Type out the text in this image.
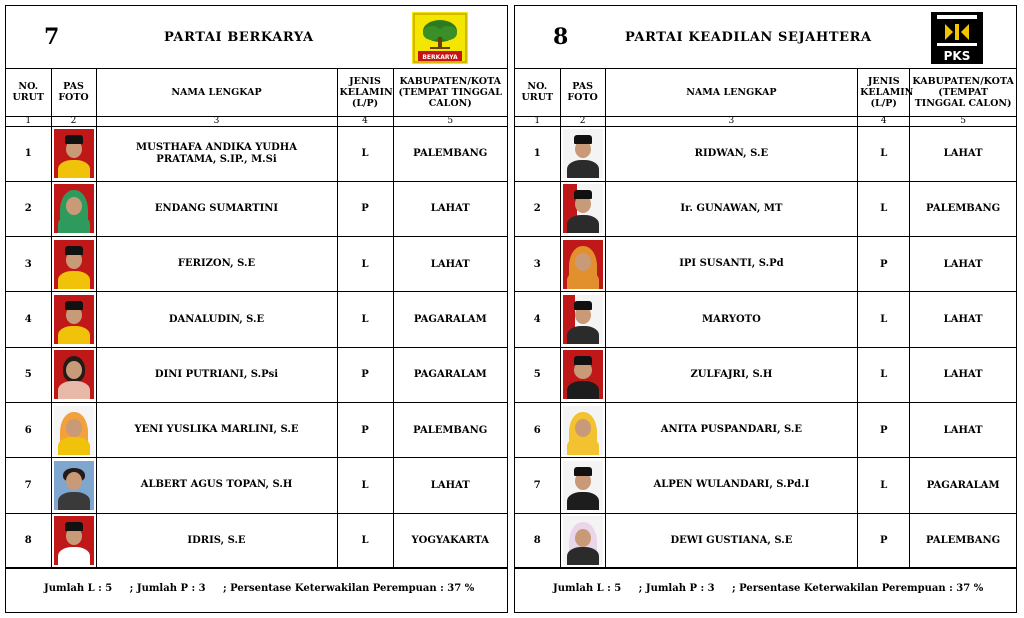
7	PARTAI BERKARYA
BERKARYA
NO. URUT	PAS FOTO	NAMA LENGKAP	JENIS KELAMIN (L/P)	KABUPATEN/KOTA (TEMPAT TINGGAL CALON)
1	2	3	4	5
1		MUSTHAFA ANDIKA YUDHA PRATAMA, S.IP., M.Si	L	PALEMBANG
2		ENDANG SUMARTINI	P	LAHAT
3		FERIZON, S.E	L	LAHAT
4		DANALUDIN, S.E	L	PAGARALAM
5		DINI PUTRIANI, S.Psi	P	PAGARALAM
6		YENI YUSLIKA MARLINI, S.E	P	PALEMBANG
7		ALBERT AGUS TOPAN, S.H	L	LAHAT
8		IDRIS, S.E	L	YOGYAKARTA
Jumlah L : 5     ; Jumlah P : 3     ; Persentase Keterwakilan Perempuan : 37 %
8	PARTAI KEADILAN SEJAHTERA
PKS
NO. URUT	PAS FOTO	NAMA LENGKAP	JENIS KELAMIN (L/P)	KABUPATEN/KOTA (TEMPAT TINGGAL CALON)
1	2	3	4	5
1		RIDWAN, S.E	L	LAHAT
2		Ir. GUNAWAN, MT	L	PALEMBANG
3		IPI SUSANTI, S.Pd	P	LAHAT
4		MARYOTO	L	LAHAT
5		ZULFAJRI, S.H	L	LAHAT
6		ANITA PUSPANDARI, S.E	P	LAHAT
7		ALPEN WULANDARI, S.Pd.I	L	PAGARALAM
8		DEWI GUSTIANA, S.E	P	PALEMBANG
Jumlah L : 5     ; Jumlah P : 3     ; Persentase Keterwakilan Perempuan : 37 %
